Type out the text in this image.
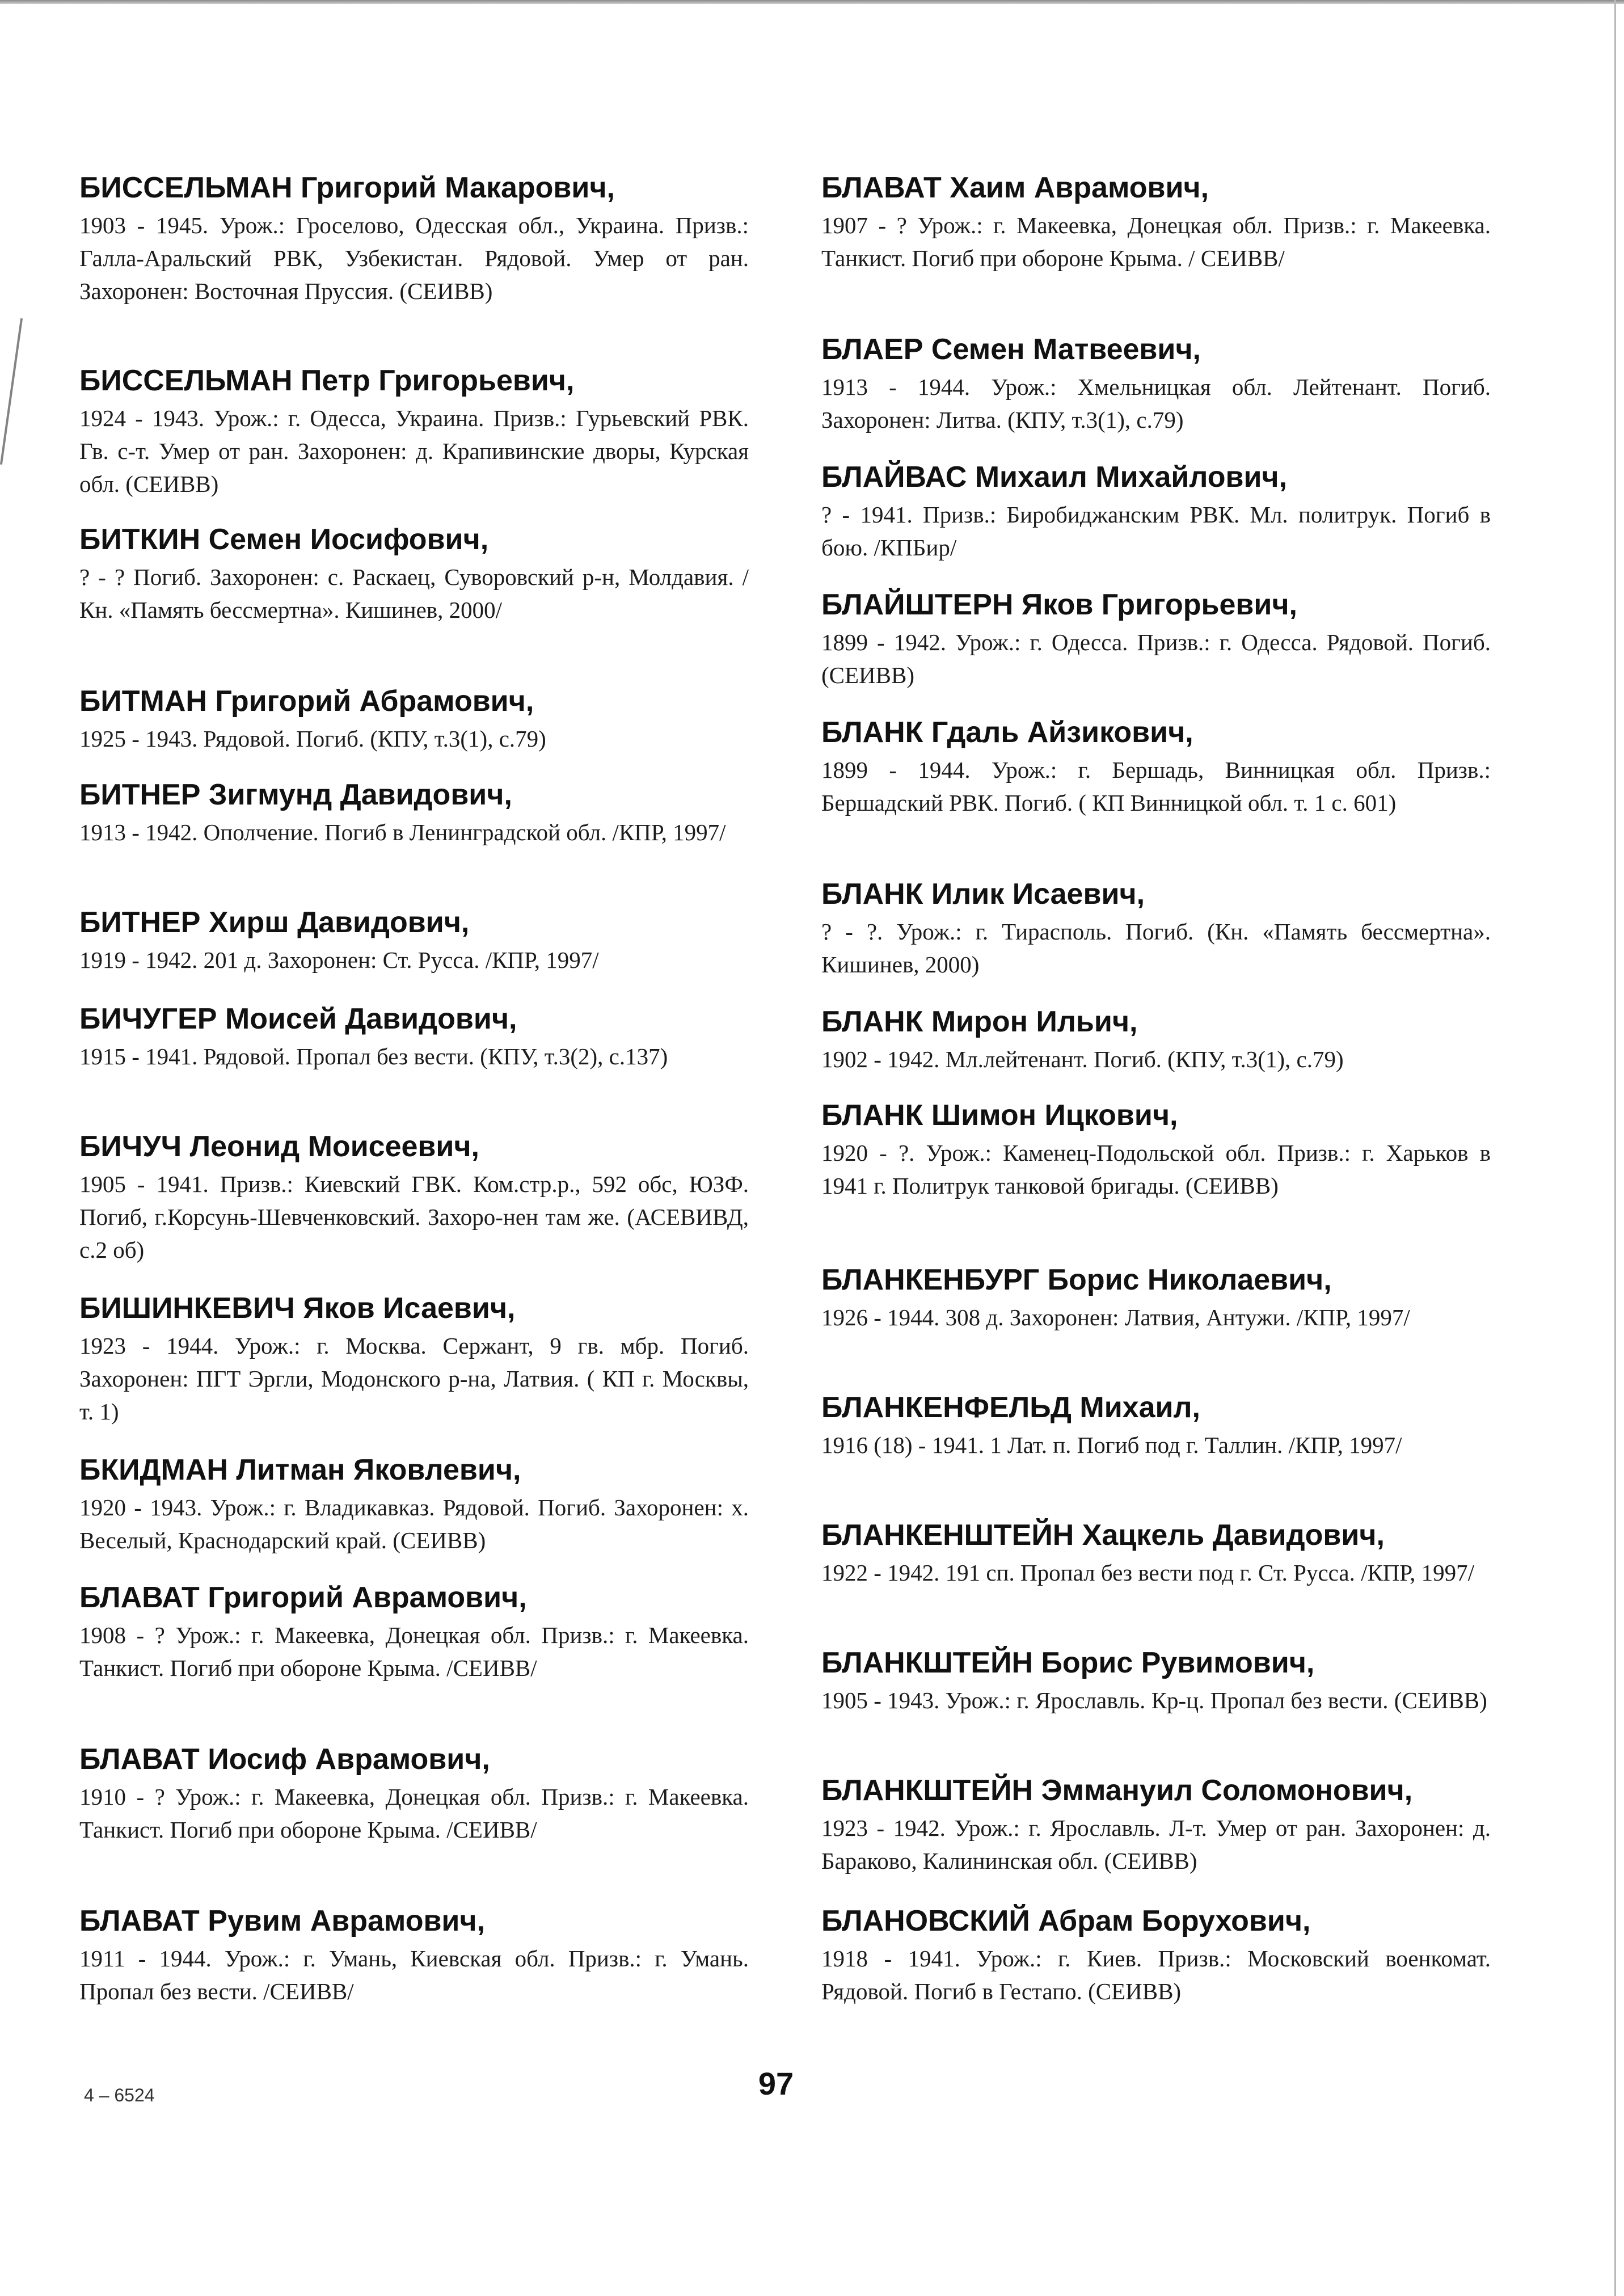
БИССЕЛЬМАН Григорий Макарович,
1903 - 1945. Урож.: Гроселово, Одесская обл., Украина. Призв.: Галла-Аральский РВК, Узбекистан. Рядовой. Умер от ран. Захоронен: Восточная Пруссия. (СЕИВВ)
БИССЕЛЬМАН Петр Григорьевич,
1924 - 1943. Урож.: г. Одесса, Украина. Призв.: Гурьевский РВК. Гв. с-т. Умер от ран. Захоронен: д. Крапивинские дворы, Курская обл. (СЕИВВ)
БИТКИН Семен Иосифович,
? - ? Погиб. Захоронен: с. Раскаец, Суворовский р-н, Молдавия. /Кн. «Память бессмертна». Кишинев, 2000/
БИТМАН Григорий Абрамович,
1925 - 1943. Рядовой. Погиб. (КПУ, т.3(1), с.79)
БИТНЕР Зигмунд Давидович,
1913 - 1942. Ополчение. Погиб в Ленинградской обл. /КПР, 1997/
БИТНЕР Хирш Давидович,
1919 - 1942. 201 д. Захоронен: Ст. Русса. /КПР, 1997/
БИЧУГЕР Моисей Давидович,
1915 - 1941. Рядовой. Пропал без вести. (КПУ, т.3(2), с.137)
БИЧУЧ Леонид Моисеевич,
1905 - 1941. Призв.: Киевский ГВК. Ком.стр.р., 592 обс, ЮЗФ. Погиб, г.Корсунь-Шевченковский. Захоро-нен там же. (АСЕВИВД, с.2 об)
БИШИНКЕВИЧ Яков Исаевич,
1923 - 1944. Урож.: г. Москва. Сержант, 9 гв. мбр. Погиб. Захоронен: ПГТ Эргли, Модонского р-на, Латвия. ( КП г. Москвы, т. 1)
БКИДМАН Литман Яковлевич,
1920 - 1943. Урож.: г. Владикавказ. Рядовой. Погиб. Захоронен: х. Веселый, Краснодарский край. (СЕИВВ)
БЛАВАТ Григорий Аврамович,
1908 - ? Урож.: г. Макеевка, Донецкая обл. Призв.: г. Макеевка. Танкист. Погиб при обороне Крыма. /СЕИВВ/
БЛАВАТ Иосиф Аврамович,
1910 - ? Урож.: г. Макеевка, Донецкая обл. Призв.: г. Макеевка. Танкист. Погиб при обороне Крыма. /СЕИВВ/
БЛАВАТ Рувим Аврамович,
1911 - 1944. Урож.: г. Умань, Киевская обл. Призв.: г. Умань. Пропал без вести. /СЕИВВ/
БЛАВАТ Хаим Аврамович,
1907 - ? Урож.: г. Макеевка, Донецкая обл. Призв.: г. Макеевка. Танкист. Погиб при обороне Крыма. / СЕИВВ/
БЛАЕР Семен Матвеевич,
1913 - 1944. Урож.: Хмельницкая обл. Лейтенант. Погиб. Захоронен: Литва. (КПУ, т.3(1), с.79)
БЛАЙВАС Михаил Михайлович,
? - 1941. Призв.: Биробиджанским РВК. Мл. политрук. Погиб в бою. /КПБир/
БЛАЙШТЕРН Яков Григорьевич,
1899 - 1942. Урож.: г. Одесса. Призв.: г. Одесса. Рядовой. Погиб. (СЕИВВ)
БЛАНК Гдаль Айзикович,
1899 - 1944. Урож.: г. Бершадь, Винницкая обл. Призв.: Бершадский РВК. Погиб. ( КП Винницкой обл. т. 1 с. 601)
БЛАНК Илик Исаевич,
? - ?. Урож.: г. Тирасполь. Погиб. (Кн. «Память бессмертна». Кишинев, 2000)
БЛАНК Мирон Ильич,
1902 - 1942. Мл.лейтенант. Погиб. (КПУ, т.3(1), с.79)
БЛАНК Шимон Ицкович,
1920 - ?. Урож.: Каменец-Подольской обл. Призв.: г. Харьков в 1941 г. Политрук танковой бригады. (СЕИВВ)
БЛАНКЕНБУРГ Борис Николаевич,
1926 - 1944. 308 д. Захоронен: Латвия, Антужи. /КПР, 1997/
БЛАНКЕНФЕЛЬД Михаил,
1916 (18) - 1941. 1 Лат. п. Погиб под г. Таллин. /КПР, 1997/
БЛАНКЕНШТЕЙН Хацкель Давидович,
1922 - 1942. 191 сп. Пропал без вести под г. Ст. Русса. /КПР, 1997/
БЛАНКШТЕЙН Борис Рувимович,
1905 - 1943. Урож.: г. Ярославль. Кр-ц. Пропал без вести. (СЕИВВ)
БЛАНКШТЕЙН Эммануил Соломонович,
1923 - 1942. Урож.: г. Ярославль. Л-т. Умер от ран. Захоронен: д. Бараково, Калининская обл. (СЕИВВ)
БЛАНОВСКИЙ Абрам Борухович,
1918 - 1941. Урож.: г. Киев. Призв.: Московский военкомат. Рядовой. Погиб в Гестапо. (СЕИВВ)
97
4 – 6524
